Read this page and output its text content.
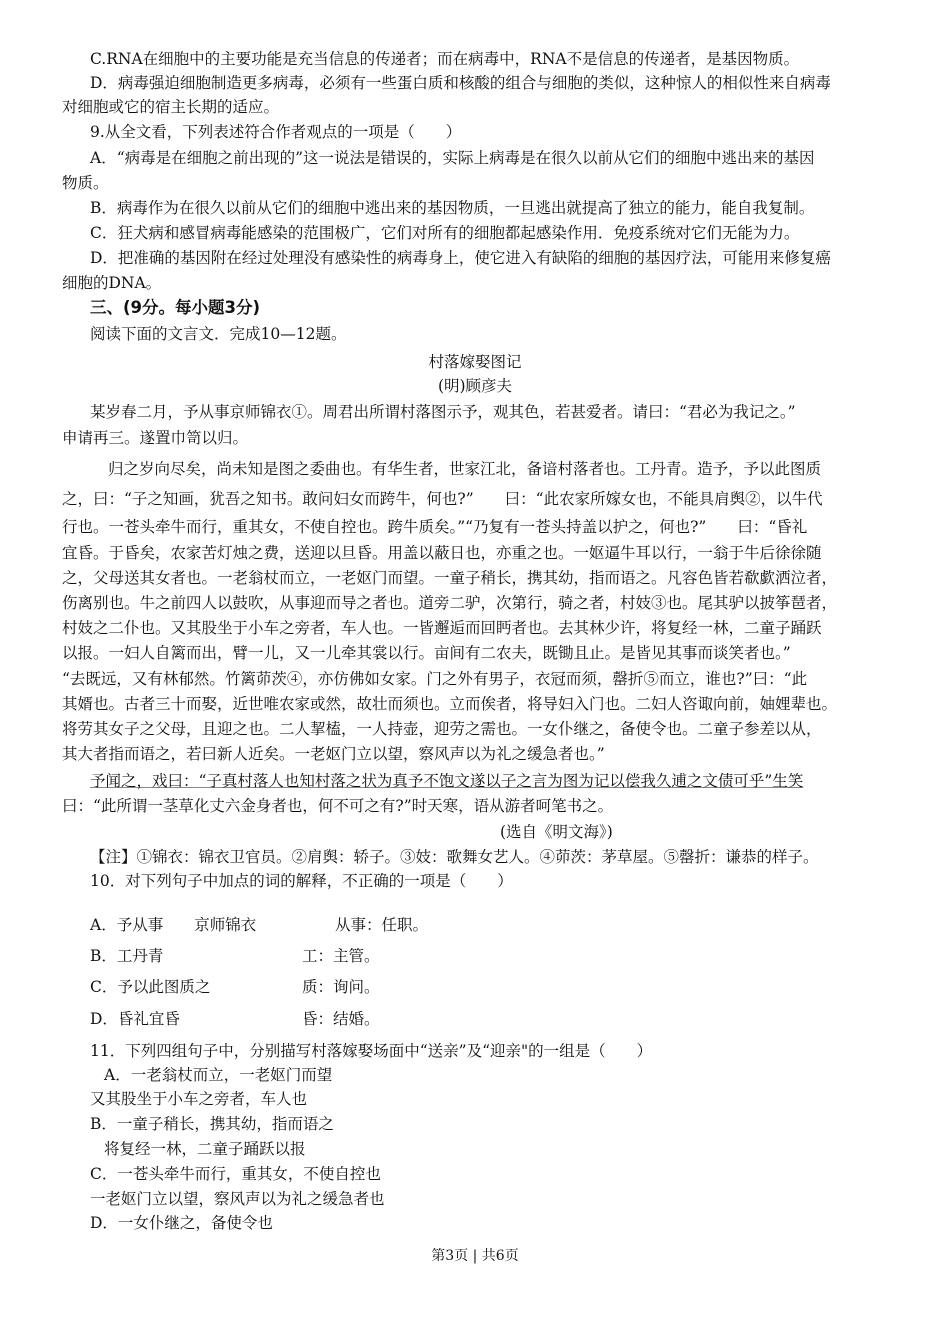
C.RNA在细胞中的主要功能是充当信息的传递者；而在病毒中，RNA不是信息的传递者，是基因物质。
D．病毒强迫细胞制造更多病毒，必须有一些蛋白质和核酸的组合与细胞的类似，这种惊人的相似性来自病毒
对细胞或它的宿主长期的适应。
9.从全文看，下列表述符合作者观点的一项是（　　）
A．“病毒是在细胞之前出现的”这一说法是错误的，实际上病毒是在很久以前从它们的细胞中逃出来的基因
物质。
B．病毒作为在很久以前从它们的细胞中逃出来的基因物质，一旦逃出就提高了独立的能力，能自我复制。
C．狂犬病和感冒病毒能感染的范围极广，它们对所有的细胞都起感染作用．免疫系统对它们无能为力。
D．把准确的基因附在经过处理没有感染性的病毒身上，使它进入有缺陷的细胞的基因疗法，可能用来修复癌
细胞的DNA。
三、(9分。每小题3分)
阅读下面的文言文．完成10—12题。
村落嫁娶图记
(明)顾彦夫
某岁春二月，予从事京师锦衣①。周君出所谓村落图示予，观其色，若甚爱者。请曰：“君必为我记之。”
申请再三。遂置巾笥以归。
归之岁向尽矣，尚未知是图之委曲也。有华生者，世家江北，备谙村落者也。工丹青。造予，予以此图质
之，曰：“子之知画，犹吾之知书。敢问妇女而跨牛，何也?”　　曰：“此农家所嫁女也，不能具肩舆②，以牛代
行也。一苍头牵牛而行，重其女，不使自控也。跨牛质矣。”“乃复有一苍头持盖以护之，何也?”　　曰：“昏礼
宜昏。于昏矣，农家苦灯烛之费，送迎以旦昏。用盖以蔽日也，亦重之也。一妪逼牛耳以行，一翁于牛后徐徐随
之，父母送其女者也。一老翁杖而立，一老妪门而望。一童子稍长，携其幼，指而语之。凡容色皆若欷歔洒泣者，
伤离别也。牛之前四人以鼓吹，从事迎而导之者也。道旁二驴，次第行，骑之者，村妓③也。尾其驴以披筝琶者，
村妓之二仆也。又其股坐于小车之旁者，车人也。一皆邂逅而回眄者也。去其林少许，将复经一林，二童子踊跃
以报。一妇人自篱而出，臂一儿，又一儿牵其裳以行。亩间有二农夫，既锄且止。是皆见其事而谈笑者也。”
“去既远，又有林郁然。竹篱茆茨④，亦仿佛如女家。门之外有男子，衣冠而须，罄折⑤而立，谁也?”曰：“此
其婿也。古者三十而娶，近世唯农家或然，故壮而须也。立而俟者，将导妇入门也。二妇人咨诹向前，妯娌辈也。
将劳其女子之父母，且迎之也。二人挈榼，一人持壶，迎劳之需也。一女仆继之，备使令也。二童子参差以从，
其大者指而语之，若曰新人近矣。一老妪门立以望，察风声以为礼之缓急者也。”
予闻之，戏曰：“子真村落人也知村落之状为真予不饱文遂以子之言为图为记以偿我久逋之文债可乎”生笑
曰：“此所谓一茎草化丈六金身者也，何不可之有?”时天寒，语从游者呵笔书之。
(选自《明文海》)
【注】①锦衣：锦衣卫官员。②肩舆：轿子。③妓：歌舞女艺人。④茆茨：茅草屋。⑤罄折：谦恭的样子。
10．对下列句子中加点的词的解释，不正确的一项是（　　）
A．予从事　　京师锦衣	从事：任职。
B．工丹青	工：主管。
C．予以此图质之	质：询问。
D．昏礼宜昏	昏：结婚。
11．下列四组句子中，分别描写村落嫁娶场面中“送亲”及“迎亲"的一组是（　　）
A．一老翁杖而立，一老妪门而望
又其股坐于小车之旁者，车人也
B．一童子稍长，携其幼，指而语之
将复经一林，二童子踊跃以报
C．一苍头牵牛而行，重其女，不使自控也
一老妪门立以望，察风声以为礼之缓急者也
D．一女仆继之，备使令也
第3页 | 共6页
